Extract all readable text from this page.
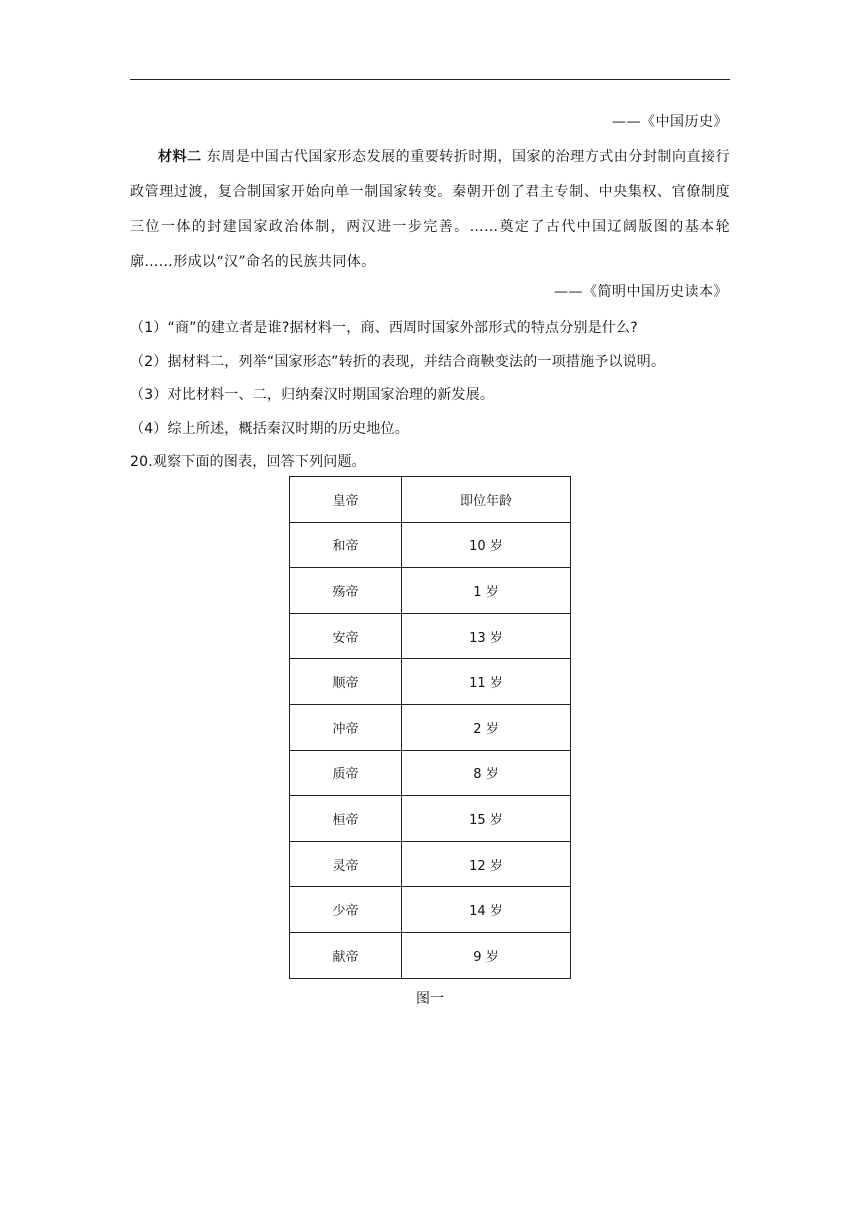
——《中国历史》
材料二 东周是中国古代国家形态发展的重要转折时期，国家的治理方式由分封制向直接行政管理过渡，复合制国家开始向单一制国家转变。秦朝开创了君主专制、中央集权、官僚制度三位一体的封建国家政治体制，两汉进一步完善。……奠定了古代中国辽阔版图的基本轮廓……形成以“汉”命名的民族共同体。
——《简明中国历史读本》
（1）“商”的建立者是谁?据材料一，商、西周时国家外部形式的特点分别是什么?
（2）据材料二，列举“国家形态”转折的表现，并结合商鞅变法的一项措施予以说明。
（3）对比材料一、二，归纳秦汉时期国家治理的新发展。
（4）综上所述，概括秦汉时期的历史地位。
20.观察下面的图表，回答下列问题。
皇帝	即位年龄
和帝	10 岁
殇帝	1 岁
安帝	13 岁
顺帝	11 岁
冲帝	2 岁
质帝	8 岁
桓帝	15 岁
灵帝	12 岁
少帝	14 岁
献帝	9 岁
图一
